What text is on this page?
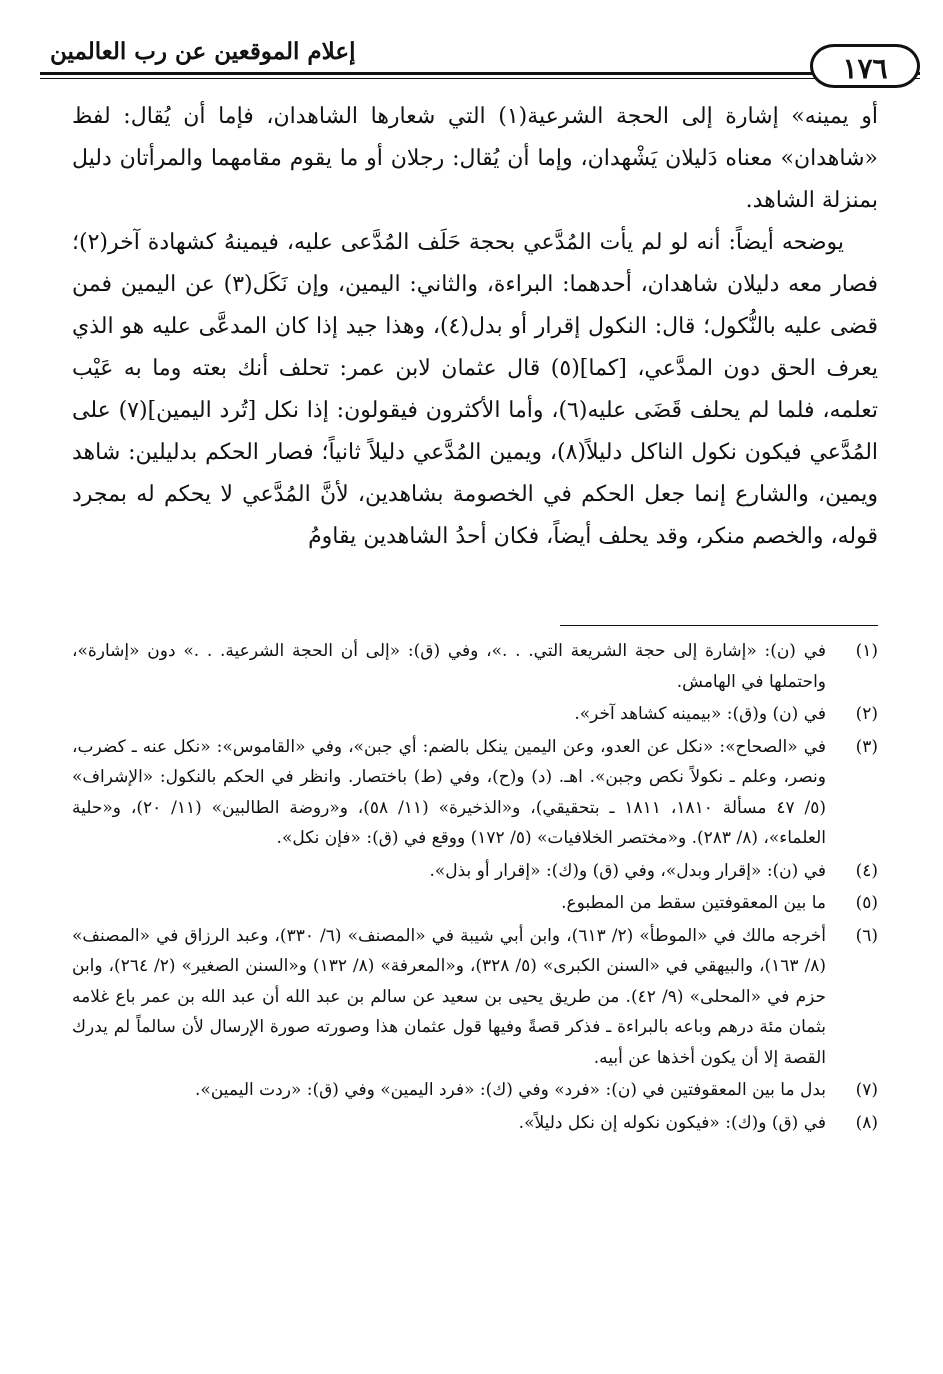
إعلام الموقعين عن رب العالمين
١٧٦

أو يمينه» إشارة إلى الحجة الشرعية(١) التي شعارها الشاهدان، فإما أن يُقال: لفظ «شاهدان» معناه دَليلان يَشْهدان، وإما أن يُقال: رجلان أو ما يقوم مقامهما والمرأتان دليل بمنزلة الشاهد.

يوضحه أيضاً: أنه لو لم يأت المُدَّعي بحجة حَلَف المُدَّعى عليه، فيمينهُ كشهادة آخر(٢)؛ فصار معه دليلان شاهدان، أحدهما: البراءة، والثاني: اليمين، وإن نَكَل(٣) عن اليمين فمن قضى عليه بالنُّكول؛ قال: النكول إقرار أو بدل(٤)، وهذا جيد إذا كان المدعَّى عليه هو الذي يعرف الحق دون المدَّعي، [كما](٥) قال عثمان لابن عمر: تحلف أنك بعته وما به عَيْب تعلمه، فلما لم يحلف قَضَى عليه(٦)، وأما الأكثرون فيقولون: إذا نكل [تُرد اليمين](٧) على المُدَّعي فيكون نكول الناكل دليلاً(٨)، ويمين المُدَّعي دليلاً ثانياً؛ فصار الحكم بدليلين: شاهد ويمين، والشارع إنما جعل الحكم في الخصومة بشاهدين، لأنَّ المُدَّعي لا يحكم له بمجرد قوله، والخصم منكر، وقد يحلف أيضاً، فكان أحدُ الشاهدين يقاومُ

(١)
في (ن): «إشارة إلى حجة الشريعة التي. . .»، وفي (ق): «إلى أن الحجة الشرعية. . .» دون «إشارة»، واحتملها في الهامش.
(٢)
في (ن) و(ق): «بيمينه كشاهد آخر».
(٣)
في «الصحاح»: «نكل عن العدو، وعن اليمين ينكل بالضم: أي جبن»، وفي «القاموس»: «نكل عنه ـ كضرب، ونصر، وعلم ـ نكولاً نكص وجبن». اهـ. (د) و(ح)، وفي (ط) باختصار. وانظر في الحكم بالنكول: «الإشراف» (٥/ ٤٧ مسألة ١٨١٠، ١٨١١ ـ بتحقيقي)، و«الذخيرة» (١١/ ٥٨)، و«روضة الطالبين» (١١/ ٢٠)، و«حلية العلماء»، (٨/ ٢٨٣). و«مختصر الخلافيات» (٥/ ١٧٢) ووقع في (ق): «فإن نكل».
(٤)
في (ن): «إقرار وبدل»، وفي (ق) و(ك): «إقرار أو بذل».
(٥)
ما بين المعقوفتين سقط من المطبوع.
(٦)
أخرجه مالك في «الموطأ» (٢/ ٦١٣)، وابن أبي شيبة في «المصنف» (٦/ ٣٣٠)، وعبد الرزاق في «المصنف» (٨/ ١٦٣)، والبيهقي في «السنن الكبرى» (٥/ ٣٢٨)، و«المعرفة» (٨/ ١٣٢) و«السنن الصغير» (٢/ ٢٦٤)، وابن حزم في «المحلى» (٩/ ٤٢). من طريق يحيى بن سعيد عن سالم بن عبد الله أن عبد الله بن عمر باع غلامه بثمان مئة درهم وباعه بالبراءة ـ فذكر قصةً وفيها قول عثمان هذا وصورته صورة الإرسال لأن سالماً لم يدرك القصة إلا أن يكون أخذها عن أبيه.
(٧)
بدل ما بين المعقوفتين في (ن): «فرد» وفي (ك): «فرد اليمين» وفي (ق): «ردت اليمين».
(٨)
في (ق) و(ك): «فيكون نكوله إن نكل دليلاً».
